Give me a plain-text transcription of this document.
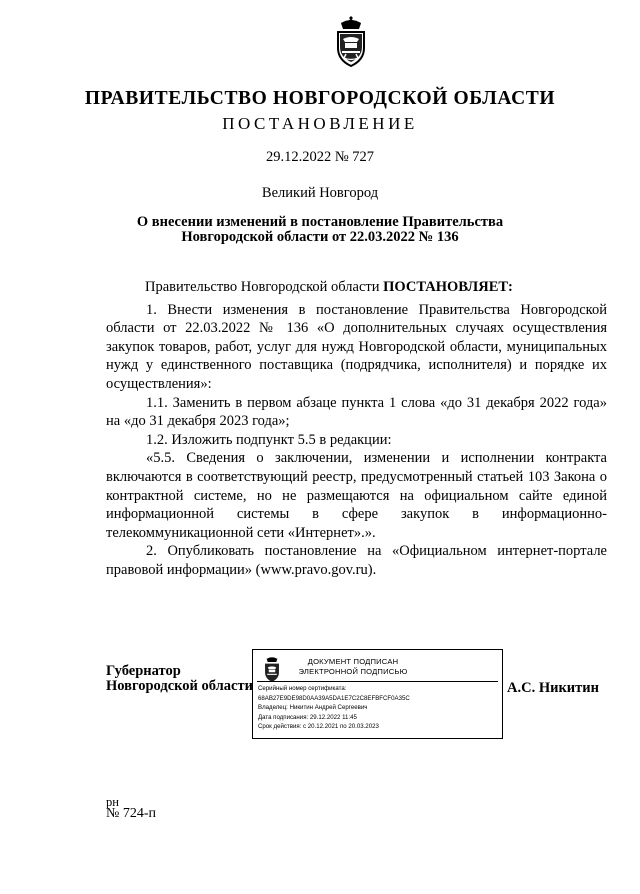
ПРАВИТЕЛЬСТВО НОВГОРОДСКОЙ ОБЛАСТИ
ПОСТАНОВЛЕНИЕ
29.12.2022 № 727
Великий Новгород
О внесении изменений в постановление Правительства
Новгородской области от 22.03.2022 № 136

Правительство Новгородской области ПОСТАНОВЛЯЕТ:

1. Внести изменения в постановление Правительства Новгородской области от 22.03.2022 № 136 «О дополнительных случаях осуществления закупок товаров, работ, услуг для нужд Новгородской области, муниципальных нужд у единственного поставщика (подрядчика, исполнителя) и порядке их осуществления»:

1.1. Заменить в первом абзаце пункта 1 слова «до 31 декабря 2022 года» на «до 31 декабря 2023 года»;

1.2. Изложить подпункт 5.5 в редакции:

«5.5. Сведения о заключении, изменении и исполнении контракта включаются в соответствующий реестр, предусмотренный статьей 103 Закона о контрактной системе, но не размещаются на официальном сайте единой информационной системы в сфере закупок в информационно-телекоммуникационной сети «Интернет».».

2. Опубликовать постановление на «Официальном интернет-портале правовой информации» (www.pravo.gov.ru).

Губернатор
Новгородской области
ДОКУМЕНТ ПОДПИСАН
ЭЛЕКТРОННОЙ ПОДПИСЬЮ
Серийный номер сертификата:
68AB27E9DE98D0AA39A5DA1E7C2C8EFBFCF0A35C
Владелец: Никитин Андрей Сергеевич
Дата подписания: 29.12.2022 11:45
Срок действия: с 20.12.2021 по 20.03.2023
А.С. Никитин
рн
№ 724-п
